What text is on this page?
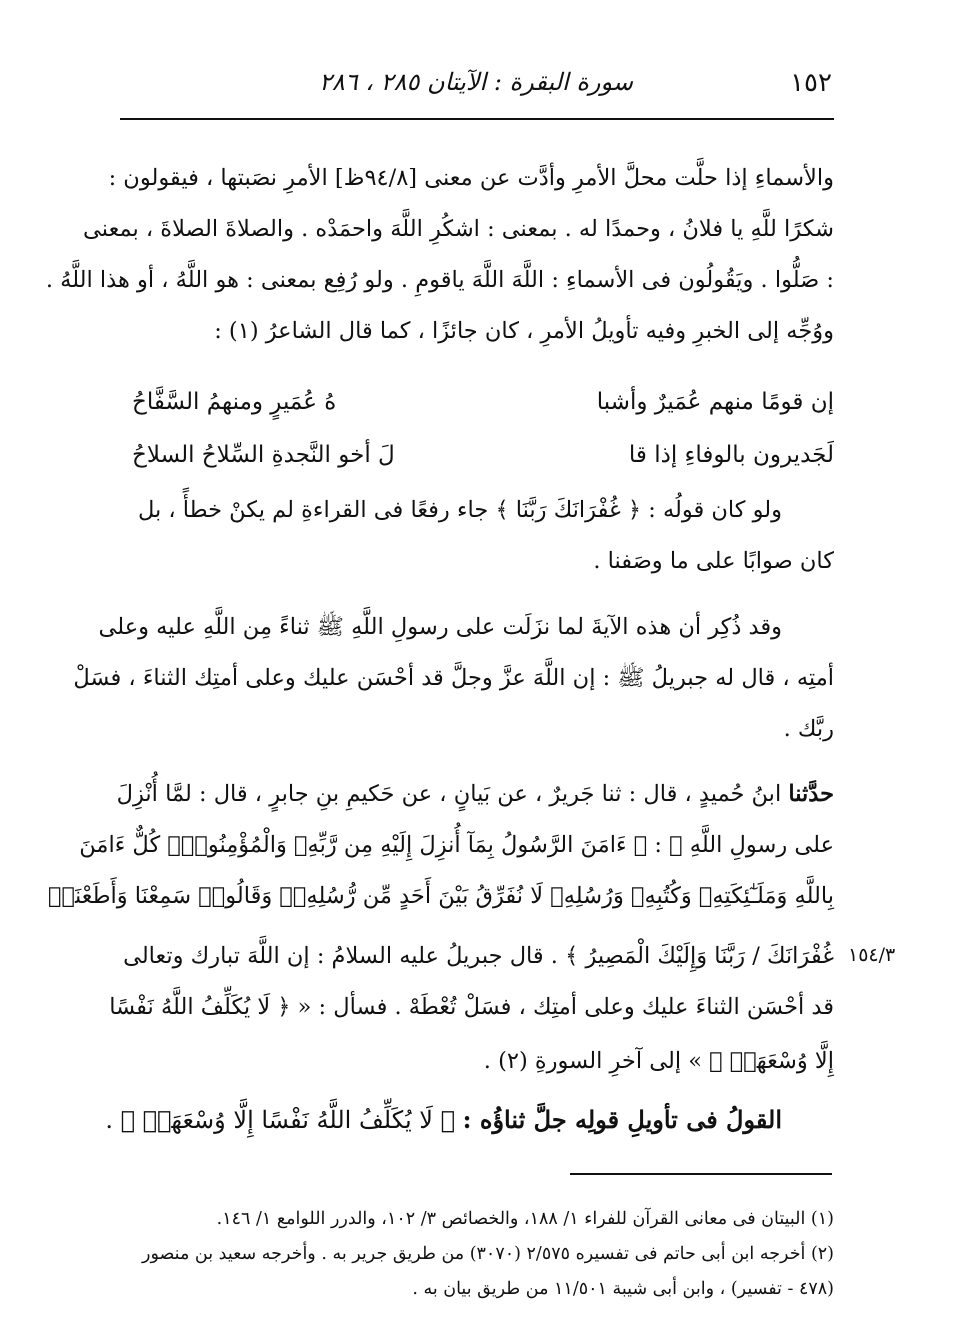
١٥٢
سورة البقرة : الآيتان ٢٨٥ ، ٢٨٦
والأسماءِ إذا حلَّت محلَّ الأمرِ وأدَّت عن معنى [٩٤/٨ظ] الأمرِ نصَبتها ، فيقولون :
شكرًا للَّهِ يا فلانُ ، وحمدًا له . بمعنى : اشكُرِ اللَّهَ واحمَدْه . والصلاةَ الصلاةَ ، بمعنى
: صَلُّوا . ويَقُولُون فى الأسماءِ : اللَّهَ اللَّهَ ياقومِ . ولو رُفِع بمعنى : هو اللَّهُ ، أو هذا اللَّهُ .
ووُجِّه إلى الخبرِ وفيه تأويلُ الأمرِ ، كان جائزًا ، كما قال الشاعرُ (١) :
إن قومًا منهم عُمَيرٌ وأشبا
هُ عُمَيرٍ ومنهمُ السَّفَّاحُ
لَجَديرون بالوفاءِ إذا قا
لَ أخو النَّجدةِ السِّلاحُ السلاحُ
ولو كان قولُه : ﴿ غُفْرَانَكَ رَبَّنَا ﴾ جاء رفعًا فى القراءةِ لم يكنْ خطأً ، بل
كان صوابًا على ما وصَفنا .
وقد ذُكِر أن هذه الآيةَ لما نزَلَت على رسولِ اللَّهِ ﷺ ثناءً مِن اللَّهِ عليه وعلى
أمتِه ، قال له جبريلُ ﷺ : إن اللَّهَ عزَّ وجلَّ قد أحْسَن عليك وعلى أمتِك الثناءَ ، فسَلْ
ربَّك .
حدَّثنا ابنُ حُميدٍ ، قال : ثنا جَريرٌ ، عن بَيانٍ ، عن حَكيمِ بنِ جابرٍ ، قال : لمَّا أُنْزِلَ
على رسولِ اللَّهِ ﷺ : ﴿ ءَامَنَ الرَّسُولُ بِمَآ أُنزِلَ إِلَيْهِ مِن رَّبِّهِۦ وَالْمُؤْمِنُونَۚ كُلٌّ ءَامَنَ
بِاللَّهِ وَمَلَـٰٓئِكَتِهِۦ وَكُتُبِهِۦ وَرُسُلِهِۦ لَا نُفَرِّقُ بَيْنَ أَحَدٍ مِّن رُّسُلِهِۦۚ وَقَالُوا۟ سَمِعْنَا وَأَطَعْنَاۖ
غُفْرَانَكَ / رَبَّنَا وَإِلَيْكَ الْمَصِيرُ ﴾ . قال جبريلُ عليه السلامُ : إن اللَّهَ تبارك وتعالى ١٥٤/٣
قد أحْسَن الثناءَ عليك وعلى أمتِك ، فسَلْ تُعْطَهْ . فسأل : « ﴿ لَا يُكَلِّفُ اللَّهُ نَفْسًا
إِلَّا وُسْعَهَاۚ ﴾ » إلى آخرِ السورةِ (٢) .
القولُ فى تأويلِ قولِه جلَّ ثناؤُه : ﴿ لَا يُكَلِّفُ اللَّهُ نَفْسًا إِلَّا وُسْعَهَاۚ ﴾ .
(١) البيتان فى معانى القرآن للفراء ١/ ١٨٨، والخصائص ٣/ ١٠٢، والدرر اللوامع ١/ ١٤٦.
(٢) أخرجه ابن أبى حاتم فى تفسيره ٢/٥٧٥ (٣٠٧٠) من طريق جرير به . وأخرجه سعيد بن منصور
(٤٧٨ - تفسير) ، وابن أبى شيبة ١١/٥٠١ من طريق بيان به .
